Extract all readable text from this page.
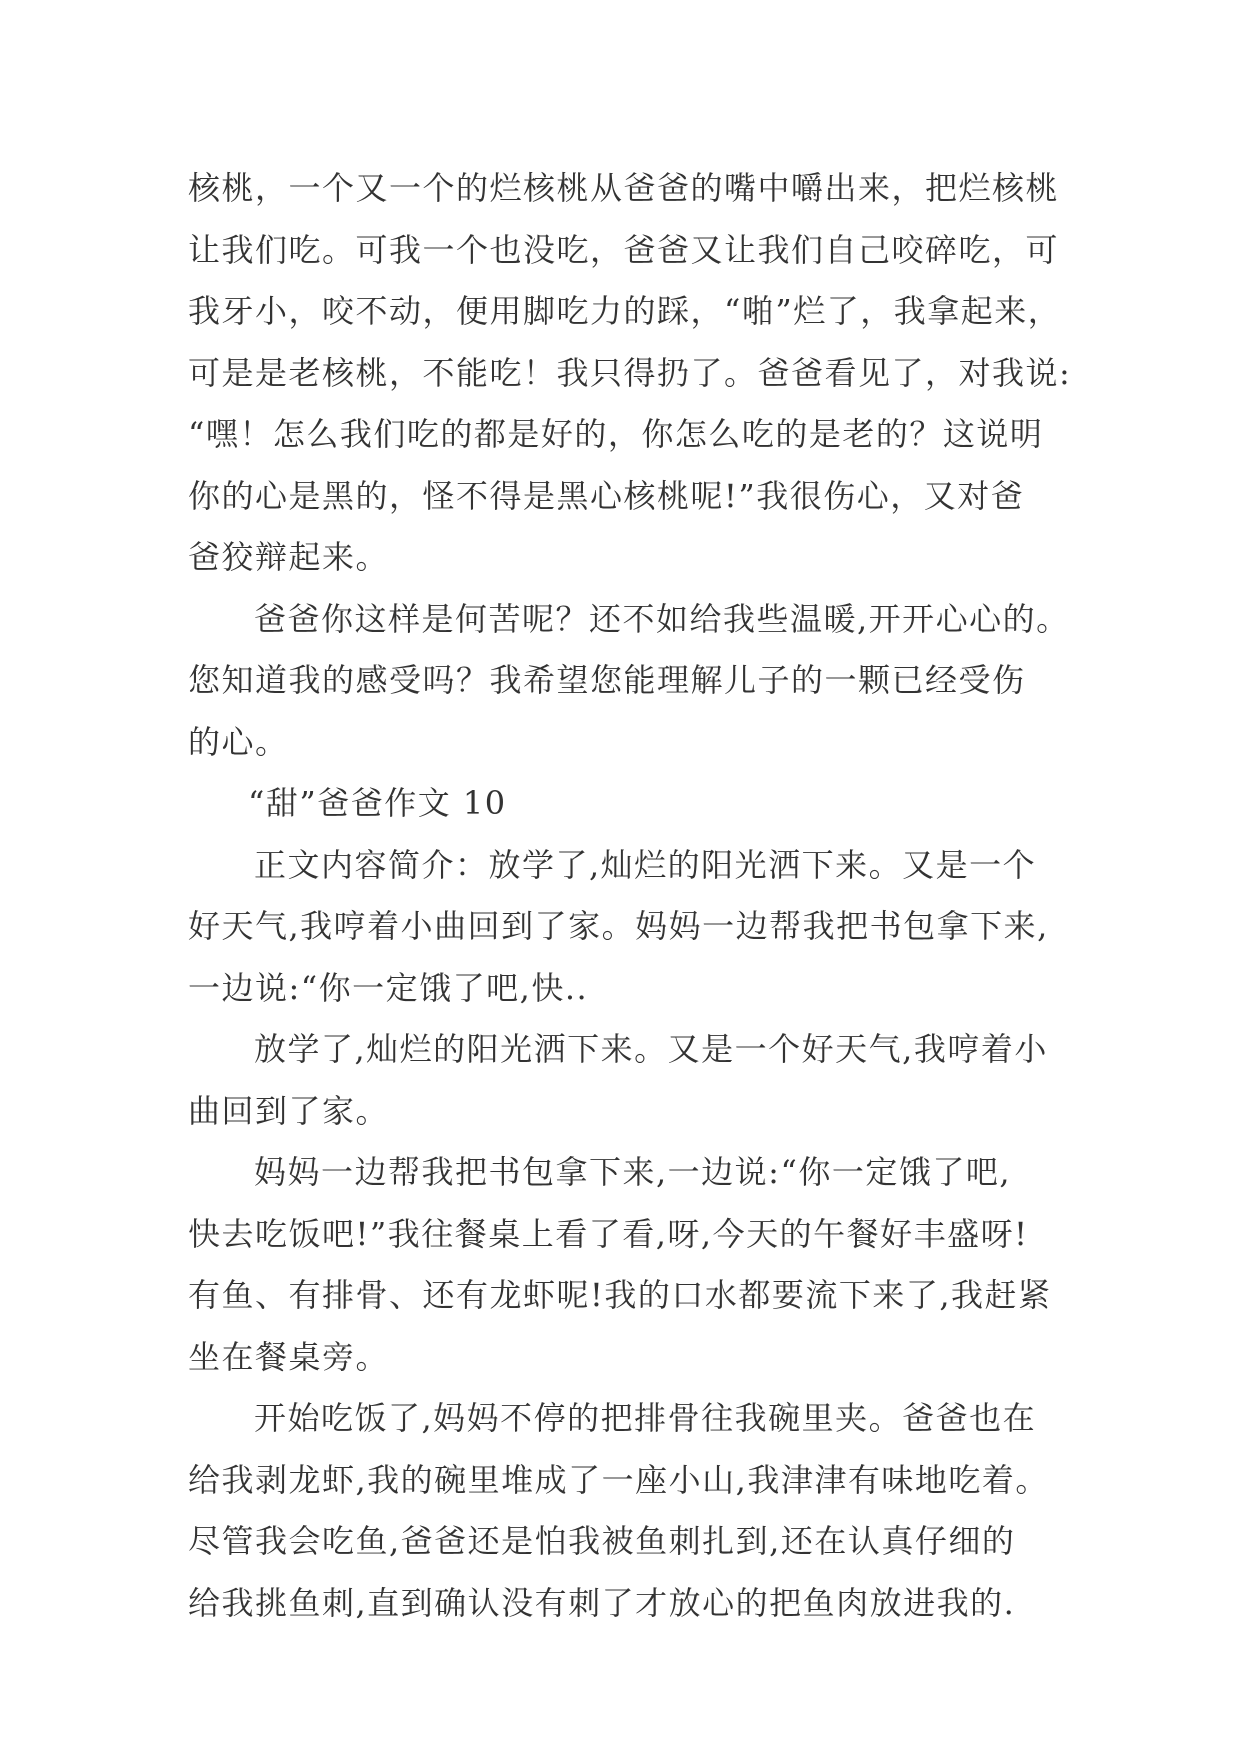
核桃，一个又一个的烂核桃从爸爸的嘴中嚼出来，把烂核桃
让我们吃。可我一个也没吃，爸爸又让我们自己咬碎吃，可
我牙小，咬不动，便用脚吃力的踩，“啪”烂了，我拿起来，
可是是老核桃，不能吃！我只得扔了。爸爸看见了，对我说:
“嘿！怎么我们吃的都是好的，你怎么吃的是老的？这说明
你的心是黑的，怪不得是黑心核桃呢!”我很伤心，又对爸
爸狡辩起来。
爸爸你这样是何苦呢？还不如给我些温暖,开开心心的。
您知道我的感受吗？我希望您能理解儿子的一颗已经受伤
的心。
“甜”爸爸作文 10
正文内容简介：放学了,灿烂的阳光洒下来。又是一个
好天气,我哼着小曲回到了家。妈妈一边帮我把书包拿下来,
一边说:“你一定饿了吧,快..
放学了,灿烂的阳光洒下来。又是一个好天气,我哼着小
曲回到了家。
妈妈一边帮我把书包拿下来,一边说:“你一定饿了吧,
快去吃饭吧!”我往餐桌上看了看,呀,今天的午餐好丰盛呀!
有鱼、有排骨、还有龙虾呢!我的口水都要流下来了,我赶紧
坐在餐桌旁。
开始吃饭了,妈妈不停的把排骨往我碗里夹。爸爸也在
给我剥龙虾,我的碗里堆成了一座小山,我津津有味地吃着。
尽管我会吃鱼,爸爸还是怕我被鱼刺扎到,还在认真仔细的
给我挑鱼刺,直到确认没有刺了才放心的把鱼肉放进我的.
